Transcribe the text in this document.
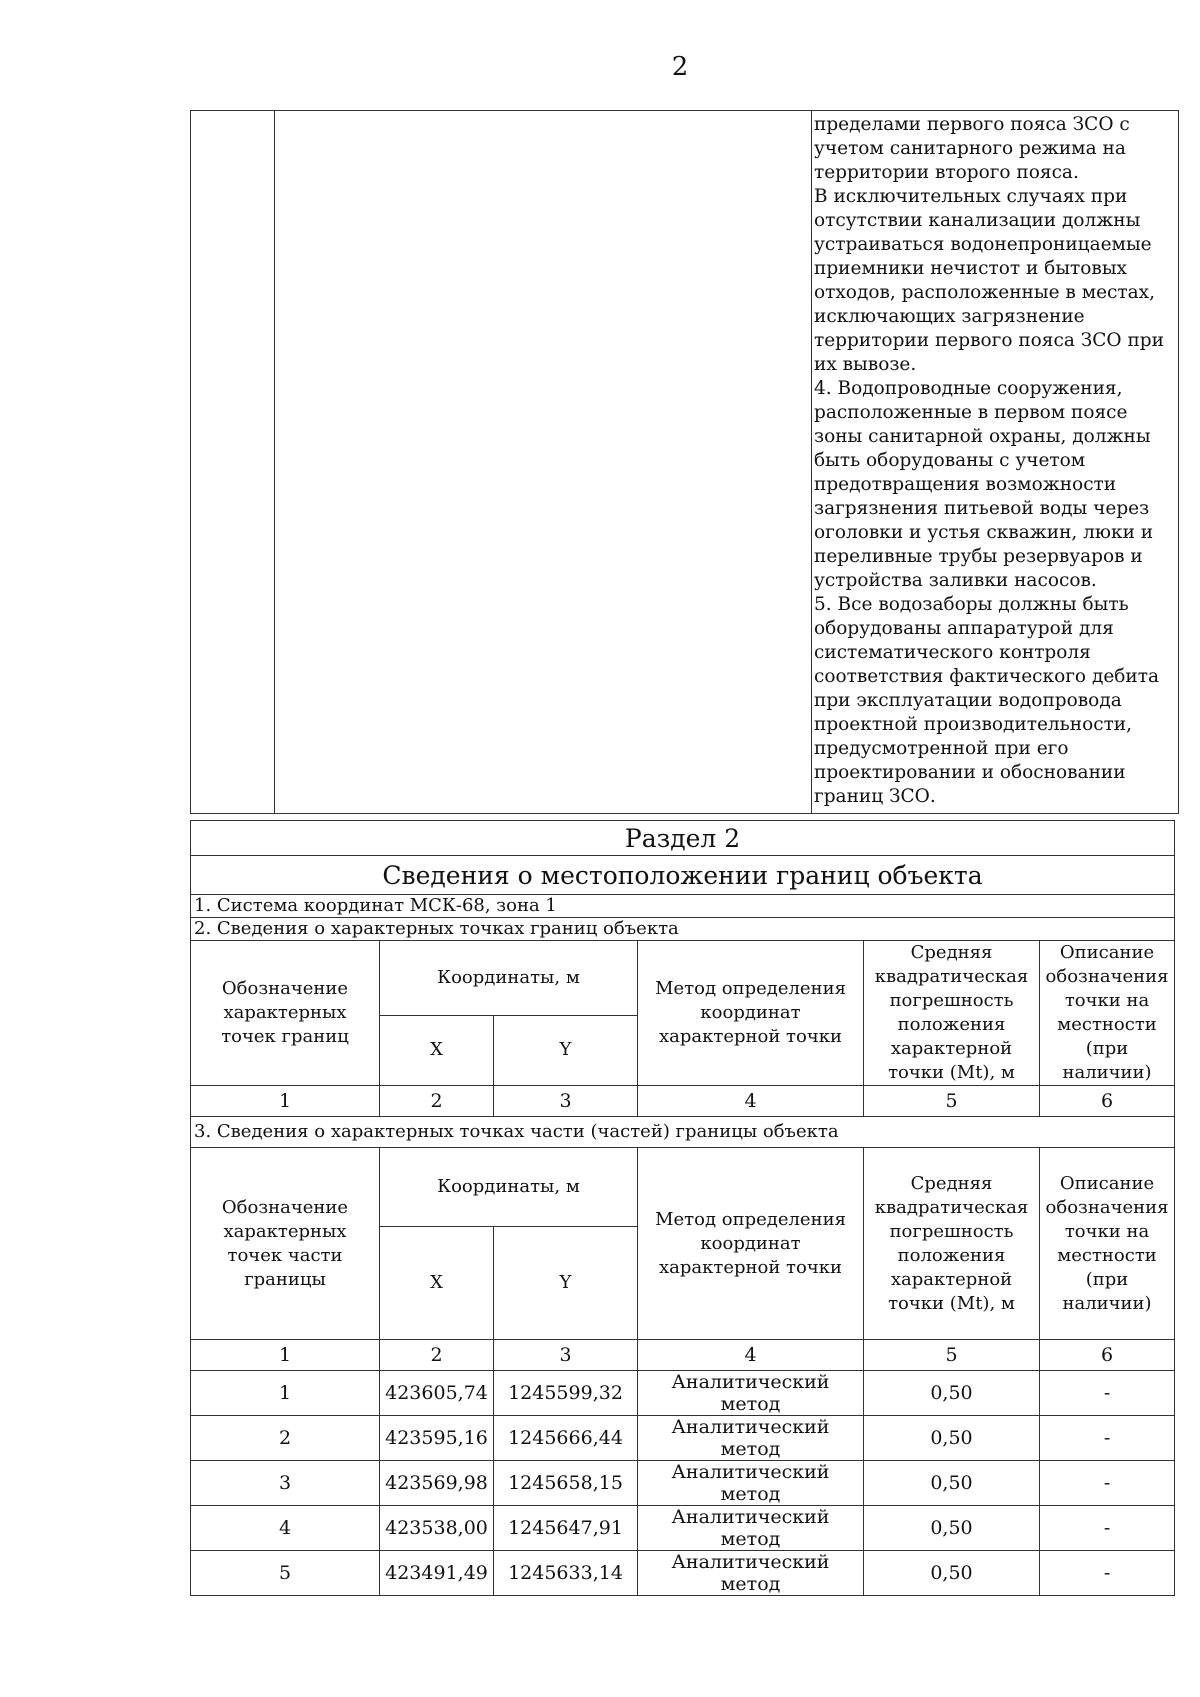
2

пределами первого пояса ЗСО с учетом санитарного режима на территории второго пояса.

В исключительных случаях при отсутствии канализации должны устраиваться водонепроницаемые приемники нечистот и бытовых отходов, расположенные в местах, исключающих загрязнение территории первого пояса ЗСО при их вывозе.

4. Водопроводные сооружения, расположенные в первом поясе зоны санитарной охраны, должны быть оборудованы с учетом предотвращения возможности загрязнения питьевой воды через оголовки и устья скважин, люки и переливные трубы резервуаров и устройства заливки насосов.

5. Все водозаборы должны быть оборудованы аппаратурой для систематического контроля соответствия фактического дебита при эксплуатации водопровода проектной производительности, предусмотренной при его проектировании и обосновании границ ЗСО.

Раздел 2					
Сведения о местоположении границ объекта					
1. Система координат МСК-68, зона 1					
2. Сведения о характерных точках границ объекта					
Обозначение характерных точек границ	Координаты, м		Метод определения координат характерной точки	Средняя квадратическая погрешность положения характерной точки (Mt), м	Описание обозначения точки на местности (при наличии)
	X	Y			
1	2	3	4	5	6
3. Сведения о характерных точках части (частей) границы объекта					
Обозначение характерных точек части границы	Координаты, м		Метод определения координат характерной точки	Средняя квадратическая погрешность положения характерной точки (Mt), м	Описание обозначения точки на местности (при наличии)
	X	Y			
1	2	3	4	5	6
1	423605,74	1245599,32	Аналитический метод	0,50	-
2	423595,16	1245666,44	Аналитический метод	0,50	-
3	423569,98	1245658,15	Аналитический метод	0,50	-
4	423538,00	1245647,91	Аналитический метод	0,50	-
5	423491,49	1245633,14	Аналитический метод	0,50	-
